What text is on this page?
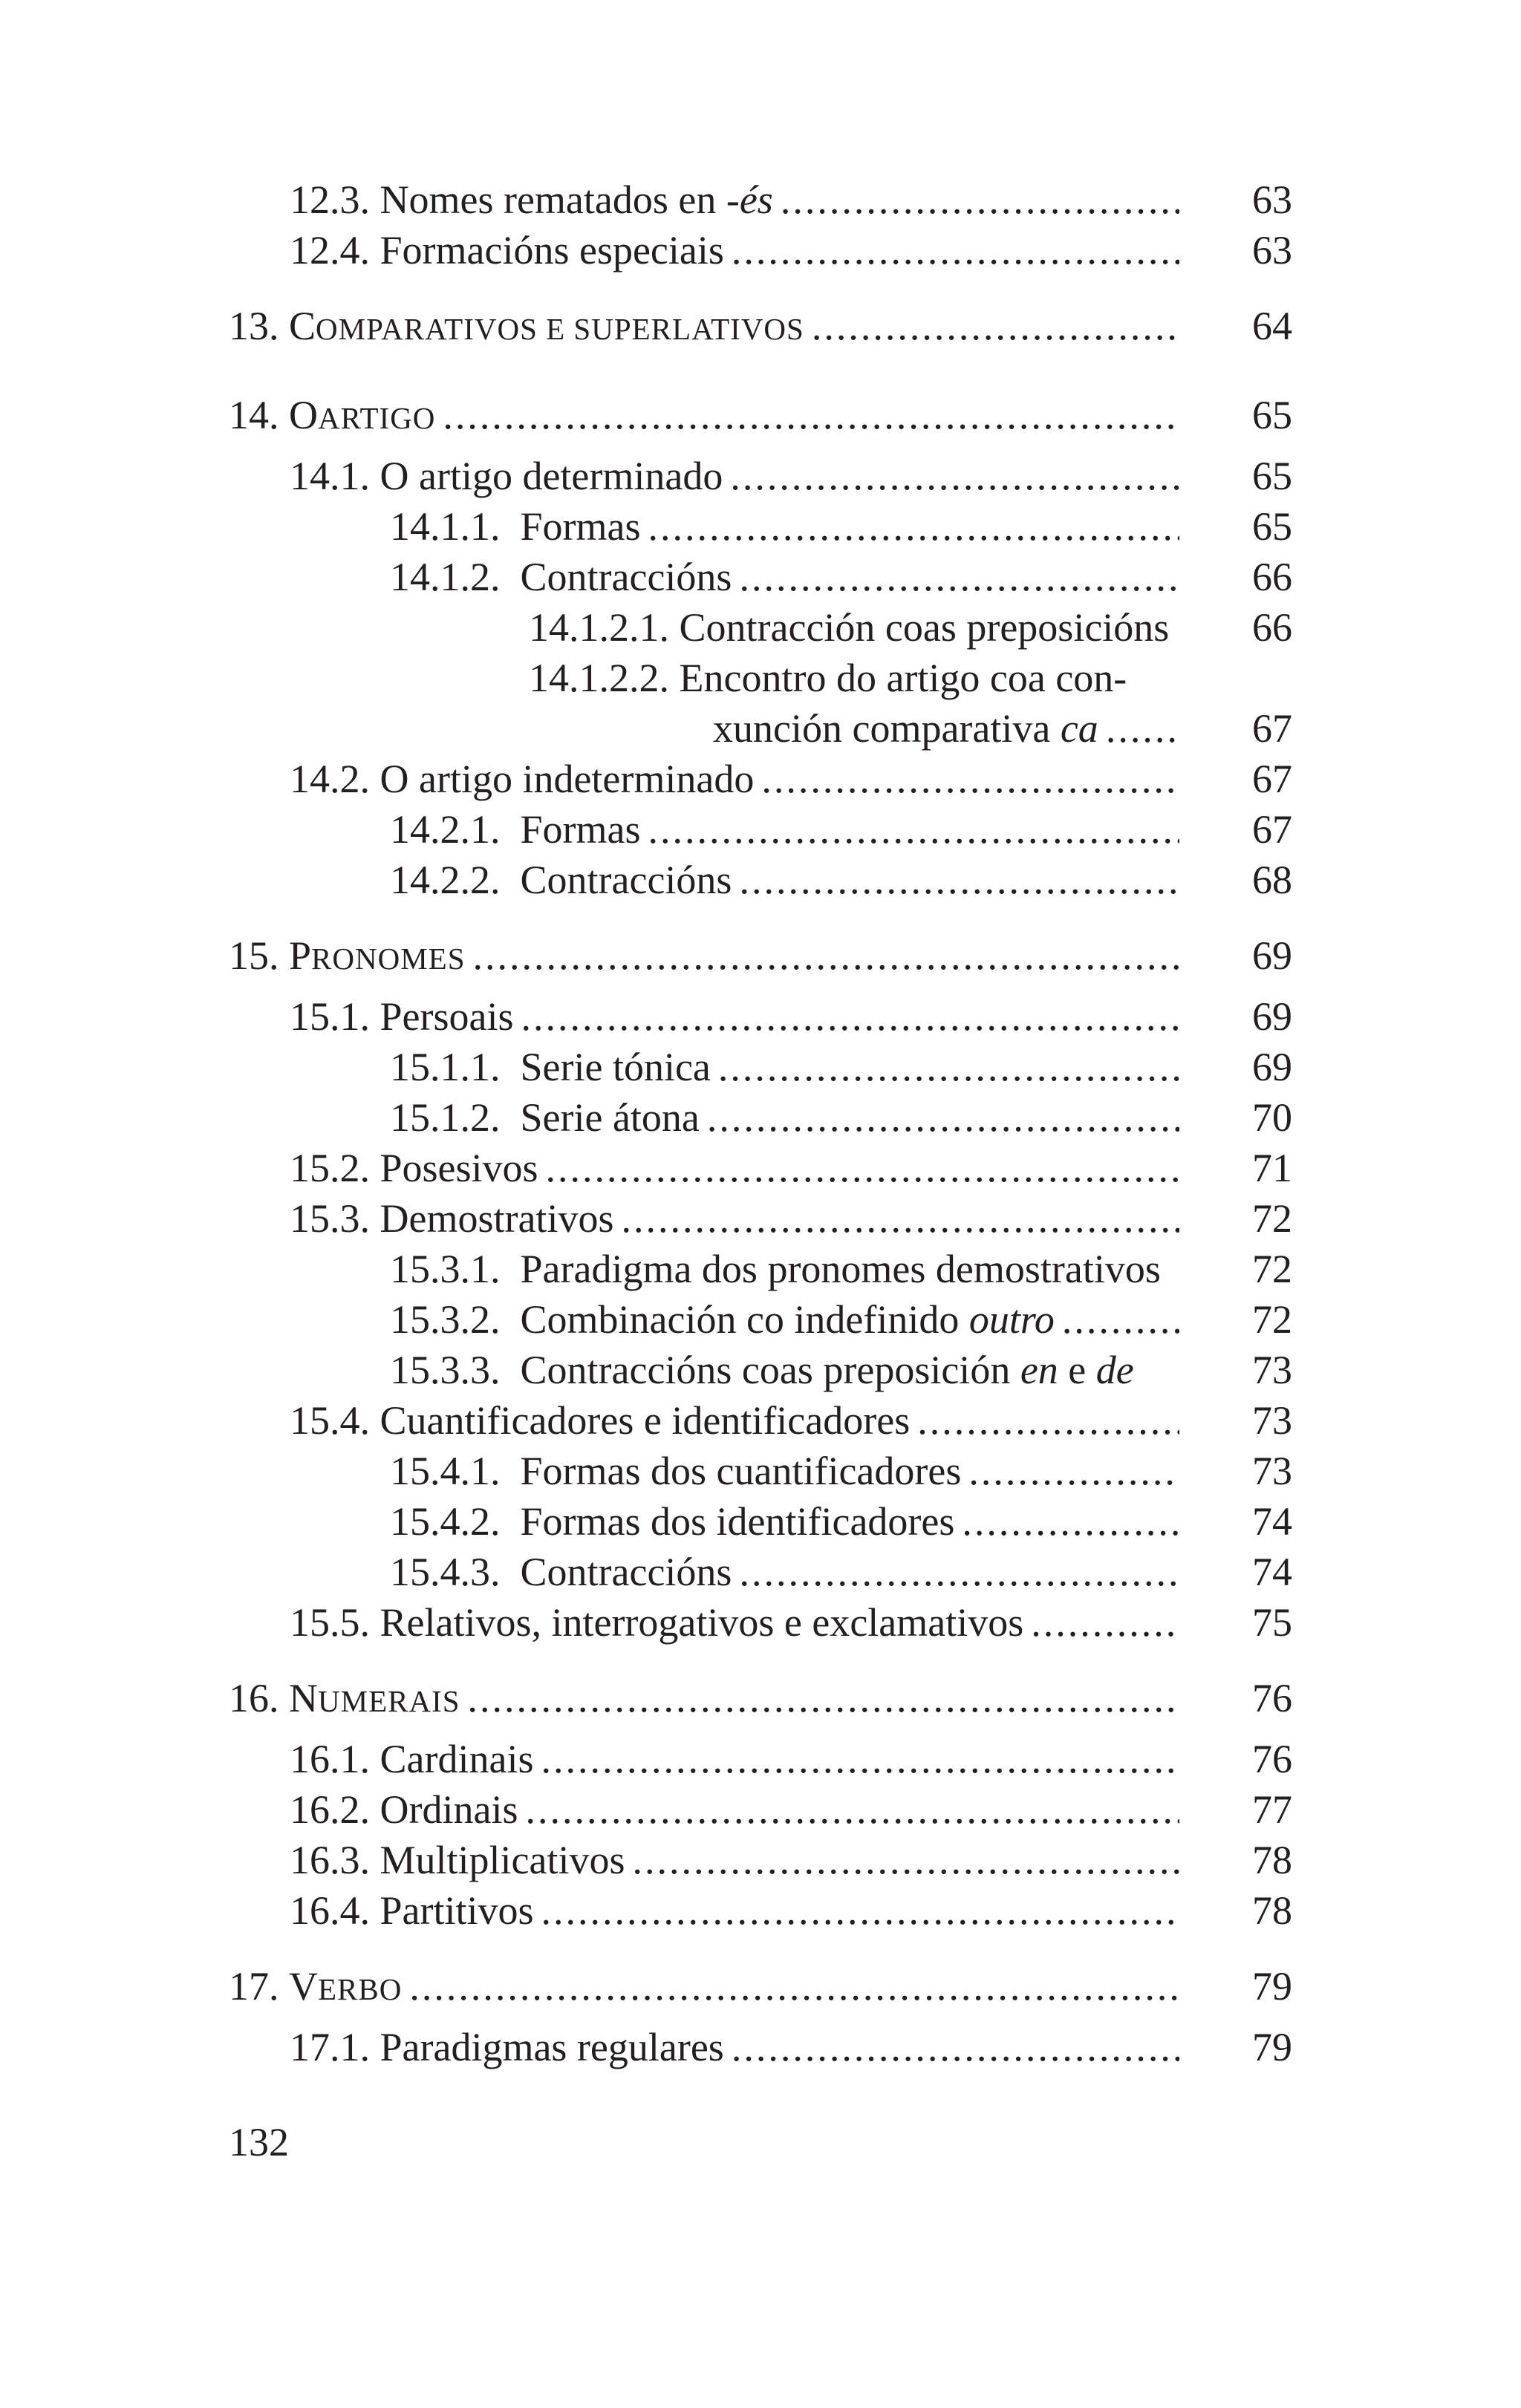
12.3.
Nomes rematados en -és .....	63
12.4.
Formacións especiais .....	63
13.
C OMPARATIVOS E SUPERLATIVOS .....	64
14.
O ARTIGO .....	65
14.1.
O artigo determinado .....	65
14.1.1.
Formas .....	65
14.1.2.
Contraccións .....	66
14.1.2.1. Contracción coas preposicións	66
14.1.2.2. Encontro do artigo coa con-
xunción comparativa ca .....	67
14.2.
O artigo indeterminado .....	67
14.2.1.
Formas .....	67
14.2.2.
Contraccións .....	68
15.
P RONOMES .....	69
15.1.
Persoais .....	69
15.1.1.
Serie tónica .....	69
15.1.2.
Serie átona .....	70
15.2.
Posesivos .....	71
15.3.
Demostrativos .....	72
15.3.1. Paradigma dos pronomes demostrativos	72
15.3.2.
Combinación co indefinido outro .....	72
15.3.3. Contraccións coas preposición en e de	73
15.4.
Cuantificadores e identificadores .....	73
15.4.1.
Formas dos cuantificadores .....	73
15.4.2.
Formas dos identificadores .....	74
15.4.3.
Contraccións .....	74
15.5.
Relativos, interrogativos e exclamativos .....	75
16.
N UMERAIS .....	76
16.1.
Cardinais .....	76
16.2.
Ordinais .....	77
16.3.
Multiplicativos .....	78
16.4.
Partitivos .....	78
17.
V ERBO .....	79
17.1.
Paradigmas regulares .....	79
132
